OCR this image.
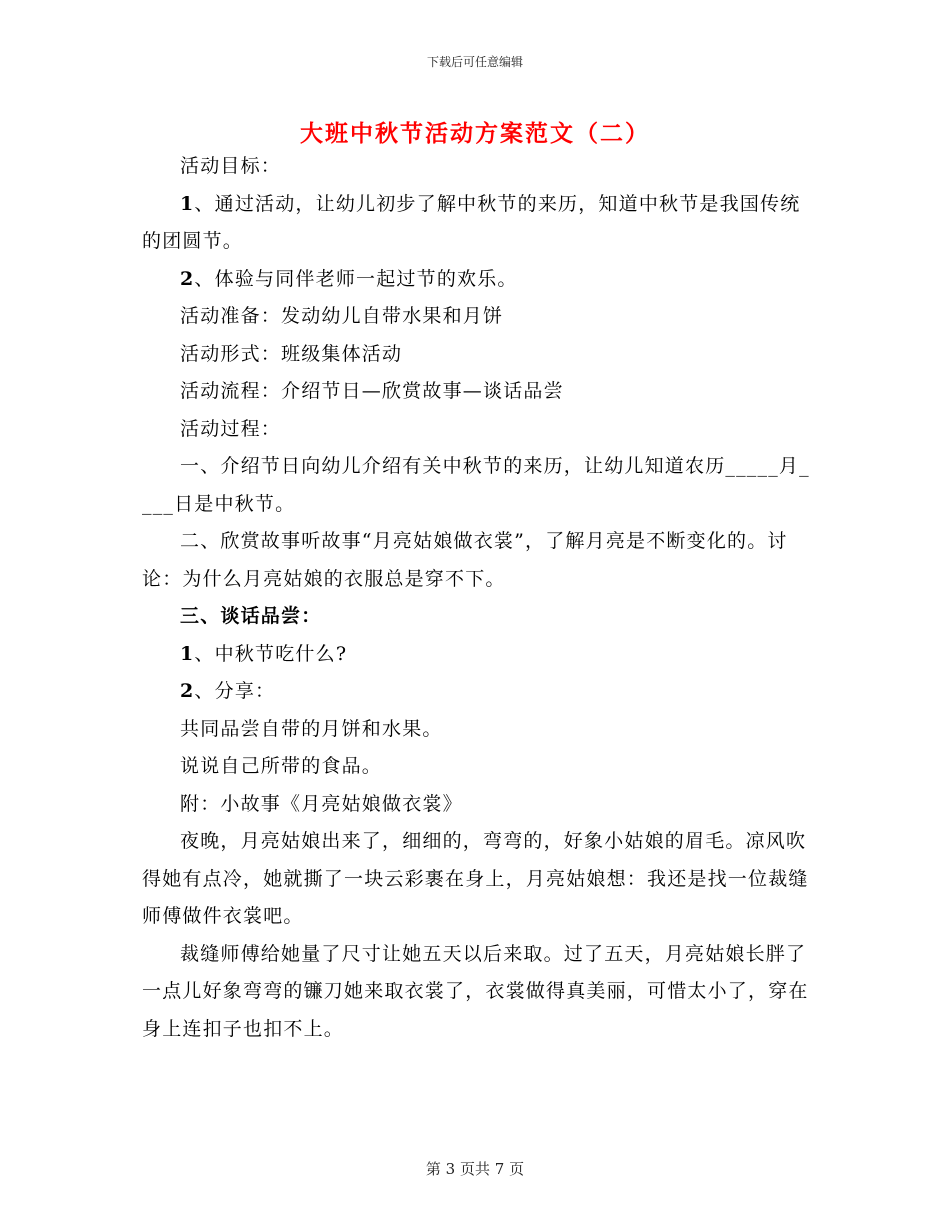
下载后可任意编辑
大班中秋节活动方案范文（二）

活动目标：

1、通过活动，让幼儿初步了解中秋节的来历，知道中秋节是我国传统的团圆节。

2、体验与同伴老师一起过节的欢乐。

活动准备：发动幼儿自带水果和月饼

活动形式：班级集体活动

活动流程：介绍节日—欣赏故事—谈话品尝

活动过程：

一、介绍节日向幼儿介绍有关中秋节的来历，让幼儿知道农历_____月____日是中秋节。

二、欣赏故事听故事“月亮姑娘做衣裳”，了解月亮是不断变化的。讨论：为什么月亮姑娘的衣服总是穿不下。

三、谈话品尝：

1、中秋节吃什么?

2、分享：

共同品尝自带的月饼和水果。

说说自己所带的食品。

附：小故事《月亮姑娘做衣裳》

夜晚，月亮姑娘出来了，细细的，弯弯的，好象小姑娘的眉毛。凉风吹得她有点冷，她就撕了一块云彩裹在身上，月亮姑娘想：我还是找一位裁缝师傅做件衣裳吧。

裁缝师傅给她量了尺寸让她五天以后来取。过了五天，月亮姑娘长胖了一点儿好象弯弯的镰刀她来取衣裳了，衣裳做得真美丽，可惜太小了，穿在身上连扣子也扣不上。

第 3 页共 7 页
